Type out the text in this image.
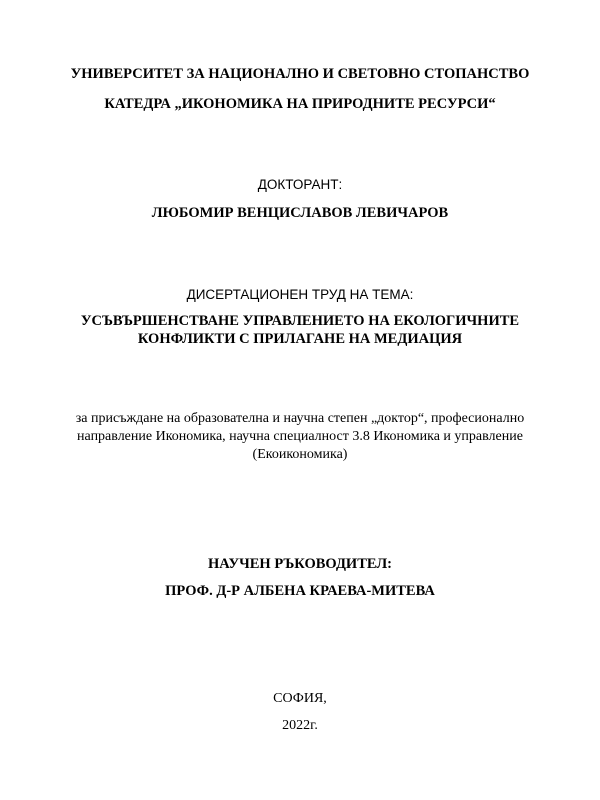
УНИВЕРСИТЕТ ЗА НАЦИОНАЛНО И СВЕТОВНО СТОПАНСТВО
КАТЕДРА „ИКОНОМИКА НА ПРИРОДНИТЕ РЕСУРСИ“
ДОКТОРАНТ:
ЛЮБОМИР ВЕНЦИСЛАВОВ ЛЕВИЧАРОВ
ДИСЕРТАЦИОНЕН ТРУД НА ТЕМА:
УСЪВЪРШЕНСТВАНЕ УПРАВЛЕНИЕТО НА ЕКОЛОГИЧНИТЕ
КОНФЛИКТИ С ПРИЛАГАНЕ НА МЕДИАЦИЯ
за присъждане на образователна и научна степен „доктор“, професионално
направление Икономика, научна специалност 3.8 Икономика и управление
(Екоикономика)
НАУЧЕН РЪКОВОДИТЕЛ:
ПРОФ. Д-Р АЛБЕНА КРАЕВА-МИТЕВА
СОФИЯ,
2022г.
